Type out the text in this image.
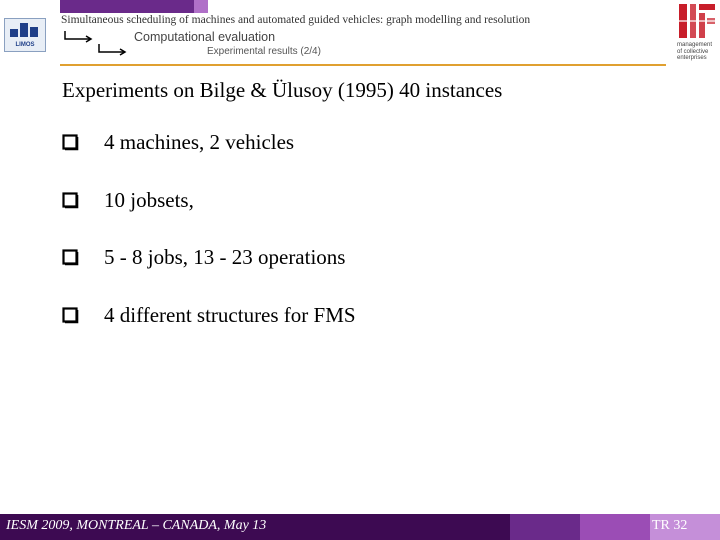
LIMOS
Simultaneous scheduling of machines and automated guided vehicles: graph modelling and resolution
Computational evaluation
Experimental results (2/4)
management
of collective
enterprises
Experiments on Bilge & Ülusoy (1995) 40 instances
4 machines, 2 vehicles
10 jobsets,
5 - 8 jobs, 13 - 23 operations
4 different structures for FMS
IESM 2009, MONTREAL – CANADA, May 13	TR 32
